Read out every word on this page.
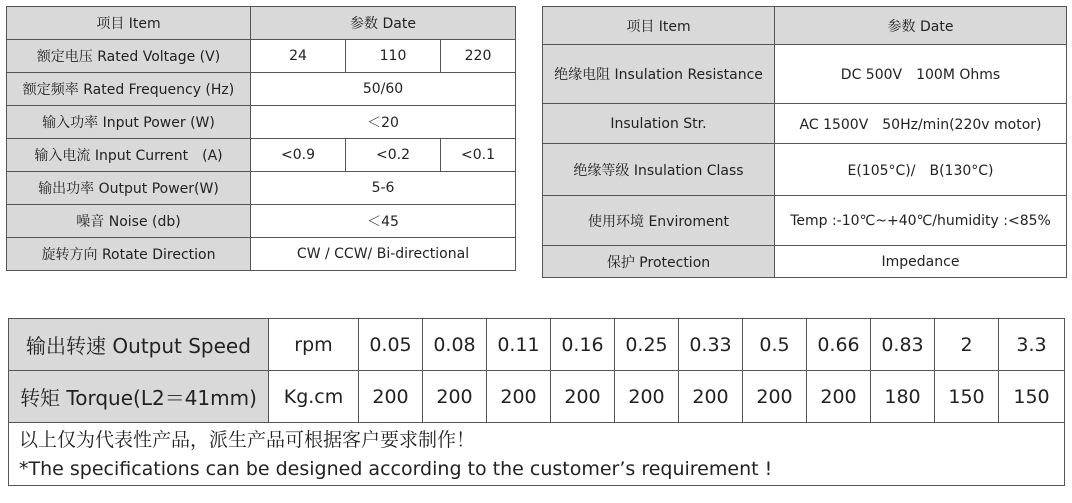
项目 Item	参数 Date		
额定电压 Rated Voltage (V)	24	110	220
额定频率 Rated Frequency (Hz)	50/60		
输入功率 Input Power (W)	＜20		
输入电流 Input Current　(A)	<0.9	<0.2	<0.1
输出功率 Output Power(W)	5-6		
噪音 Noise (db)	＜45		
旋转方向 Rotate Direction	CW / CCW/ Bi-directional		
项目 Item	参数 Date
绝缘电阻 Insulation Resistance	DC 500V　100M Ohms
Insulation Str.	AC 1500V　50Hz/min(220v motor)
绝缘等级 Insulation Class	E(105°C)/　B(130°C)
使用环境 Enviroment	Temp :-10℃~+40℃/humidity :<85%
保护 Protection	Impedance
输出转速 Output Speed	rpm	0.05	0.08	0.11	0.16	0.25	0.33	0.5	0.66	0.83	2	3.3
转矩 Torque(L2＝41mm)	Kg.cm	200	200	200	200	200	200	200	200	180	150	150
以上仅为代表性产品，派生产品可根据客户要求制作！												
*The specifications can be designed according to the customer’s requirement !												
